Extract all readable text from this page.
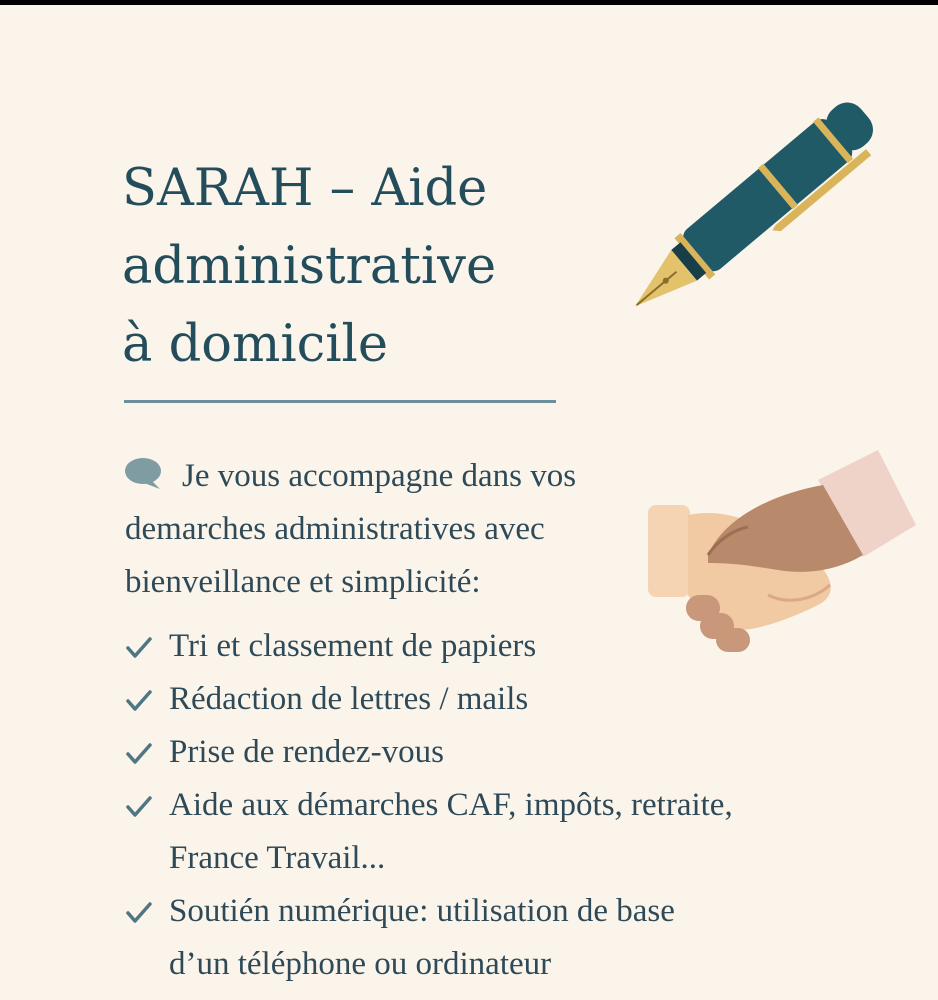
SARAH – Aide
administrative
à domicile

Je vous accompagne dans vos
demarches administratives avec
bienveillance et simplicité:

Tri et classement de papiers
Rédaction de lettres / mails
Prise de rendez-vous
Aide aux démarches CAF, impôts, retraite,
France Travail...
Soutién numérique: utilisation de base
d’un téléphone ou ordinateur
